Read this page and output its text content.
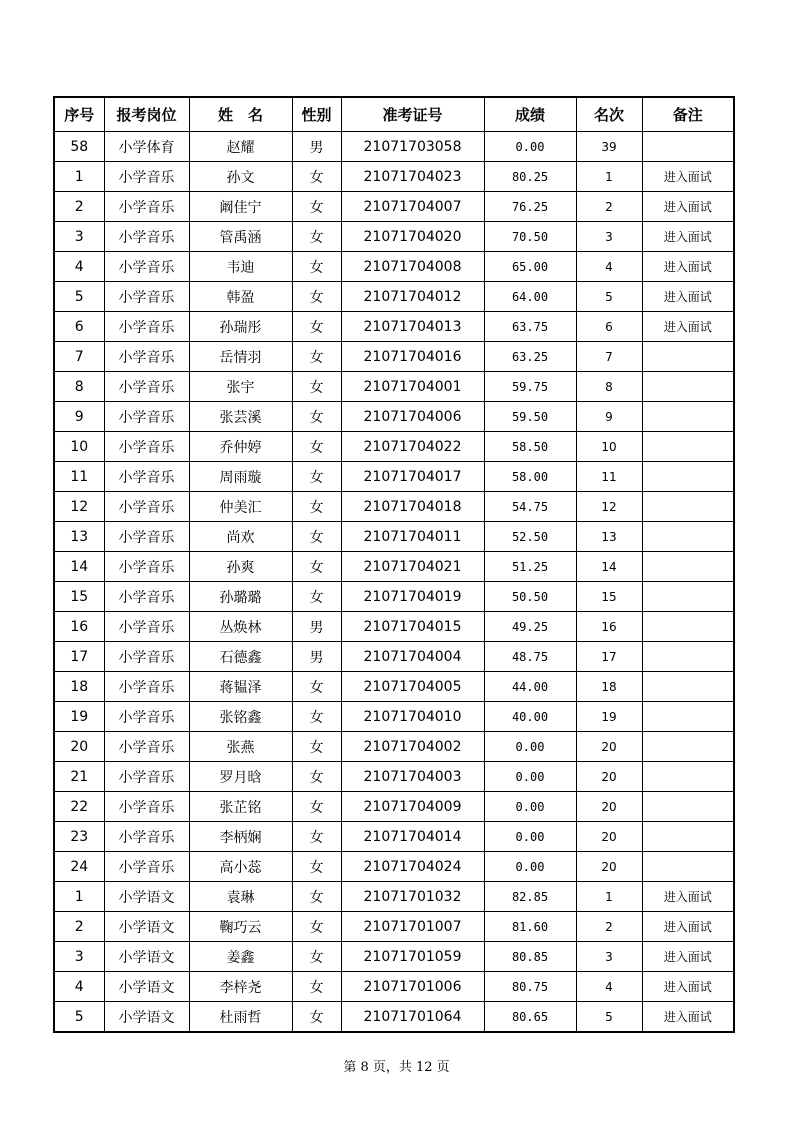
序号	报考岗位	姓　名	性别	准考证号	成绩	名次	备注
58	小学体育	赵耀	男	21071703058	0.00	39	
1	小学音乐	孙文	女	21071704023	80.25	1	进入面试
2	小学音乐	阚佳宁	女	21071704007	76.25	2	进入面试
3	小学音乐	管禹涵	女	21071704020	70.50	3	进入面试
4	小学音乐	韦迪	女	21071704008	65.00	4	进入面试
5	小学音乐	韩盈	女	21071704012	64.00	5	进入面试
6	小学音乐	孙瑞彤	女	21071704013	63.75	6	进入面试
7	小学音乐	岳情羽	女	21071704016	63.25	7	
8	小学音乐	张宇	女	21071704001	59.75	8	
9	小学音乐	张芸溪	女	21071704006	59.50	9	
10	小学音乐	乔仲婷	女	21071704022	58.50	10	
11	小学音乐	周雨璇	女	21071704017	58.00	11	
12	小学音乐	仲美汇	女	21071704018	54.75	12	
13	小学音乐	尚欢	女	21071704011	52.50	13	
14	小学音乐	孙爽	女	21071704021	51.25	14	
15	小学音乐	孙璐璐	女	21071704019	50.50	15	
16	小学音乐	丛焕林	男	21071704015	49.25	16	
17	小学音乐	石德鑫	男	21071704004	48.75	17	
18	小学音乐	蒋韫泽	女	21071704005	44.00	18	
19	小学音乐	张铭鑫	女	21071704010	40.00	19	
20	小学音乐	张燕	女	21071704002	0.00	20	
21	小学音乐	罗月晗	女	21071704003	0.00	20	
22	小学音乐	张芷铭	女	21071704009	0.00	20	
23	小学音乐	李柄娴	女	21071704014	0.00	20	
24	小学音乐	高小蕊	女	21071704024	0.00	20	
1	小学语文	袁琳	女	21071701032	82.85	1	进入面试
2	小学语文	鞠巧云	女	21071701007	81.60	2	进入面试
3	小学语文	姜鑫	女	21071701059	80.85	3	进入面试
4	小学语文	李梓尧	女	21071701006	80.75	4	进入面试
5	小学语文	杜雨哲	女	21071701064	80.65	5	进入面试
第 8 页，共 12 页
